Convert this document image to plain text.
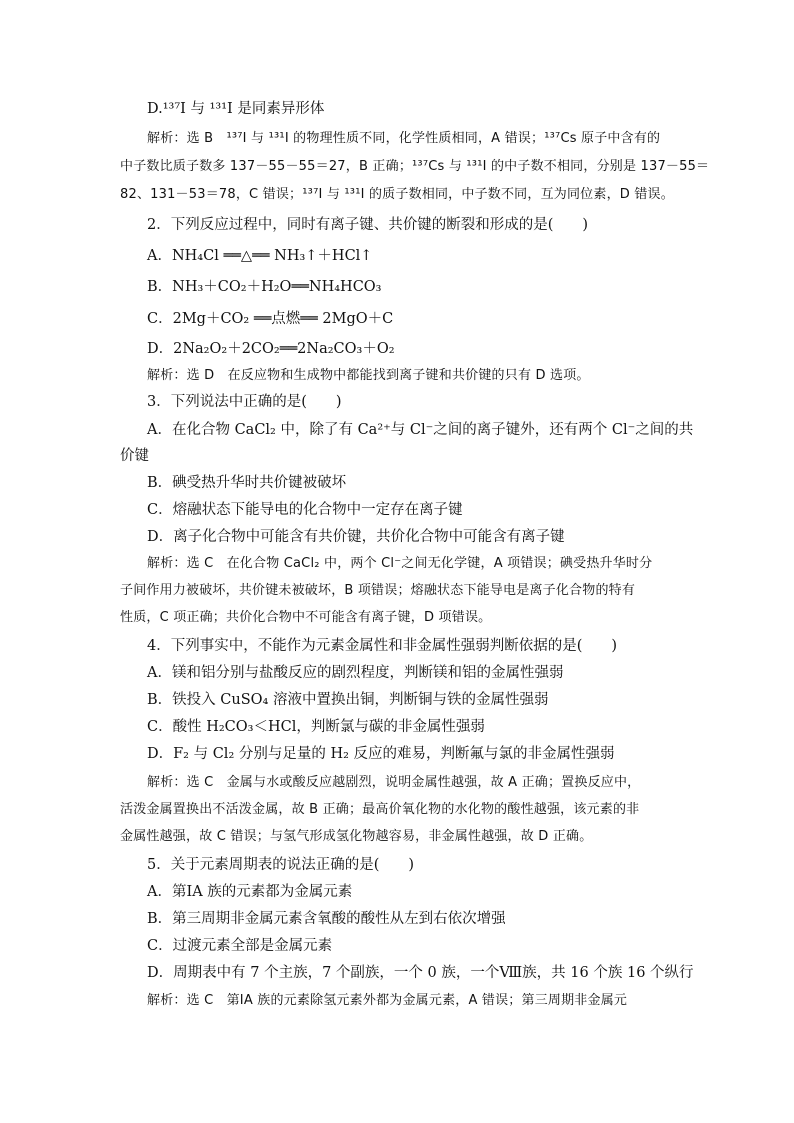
D.¹³⁷I 与 ¹³¹I 是同素异形体
解析：选 B　¹³⁷I 与 ¹³¹I 的物理性质不同，化学性质相同，A 错误；¹³⁷Cs 原子中含有的
中子数比质子数多 137－55－55＝27，B 正确；¹³⁷Cs 与 ¹³¹I 的中子数不相同，分别是 137－55＝
82、131－53＝78，C 错误；¹³⁷I 与 ¹³¹I 的质子数相同，中子数不同，互为同位素，D 错误。
2．下列反应过程中，同时有离子键、共价键的断裂和形成的是(　　)
A．NH₄Cl ══△══ NH₃↑＋HCl↑
B．NH₃＋CO₂＋H₂O══NH₄HCO₃
C．2Mg＋CO₂ ══点燃══ 2MgO＋C
D．2Na₂O₂＋2CO₂══2Na₂CO₃＋O₂
解析：选 D　在反应物和生成物中都能找到离子键和共价键的只有 D 选项。
3．下列说法中正确的是(　　)
A．在化合物 CaCl₂ 中，除了有 Ca²⁺与 Cl⁻之间的离子键外，还有两个 Cl⁻之间的共
价键
B．碘受热升华时共价键被破坏
C．熔融状态下能导电的化合物中一定存在离子键
D．离子化合物中可能含有共价键，共价化合物中可能含有离子键
解析：选 C　在化合物 CaCl₂ 中，两个 Cl⁻之间无化学键，A 项错误；碘受热升华时分
子间作用力被破坏，共价键未被破坏，B 项错误；熔融状态下能导电是离子化合物的特有
性质，C 项正确；共价化合物中不可能含有离子键，D 项错误。
4．下列事实中，不能作为元素金属性和非金属性强弱判断依据的是(　　)
A．镁和铝分别与盐酸反应的剧烈程度，判断镁和铝的金属性强弱
B．铁投入 CuSO₄ 溶液中置换出铜，判断铜与铁的金属性强弱
C．酸性 H₂CO₃＜HCl，判断氯与碳的非金属性强弱
D．F₂ 与 Cl₂ 分别与足量的 H₂ 反应的难易，判断氟与氯的非金属性强弱
解析：选 C　金属与水或酸反应越剧烈，说明金属性越强，故 A 正确；置换反应中，
活泼金属置换出不活泼金属，故 B 正确；最高价氧化物的水化物的酸性越强，该元素的非
金属性越强，故 C 错误；与氢气形成氢化物越容易，非金属性越强，故 D 正确。
5．关于元素周期表的说法正确的是(　　)
A．第ⅠA 族的元素都为金属元素
B．第三周期非金属元素含氧酸的酸性从左到右依次增强
C．过渡元素全部是金属元素
D．周期表中有 7 个主族，7 个副族，一个 0 族，一个Ⅷ族，共 16 个族 16 个纵行
解析：选 C　第ⅠA 族的元素除氢元素外都为金属元素，A 错误；第三周期非金属元
